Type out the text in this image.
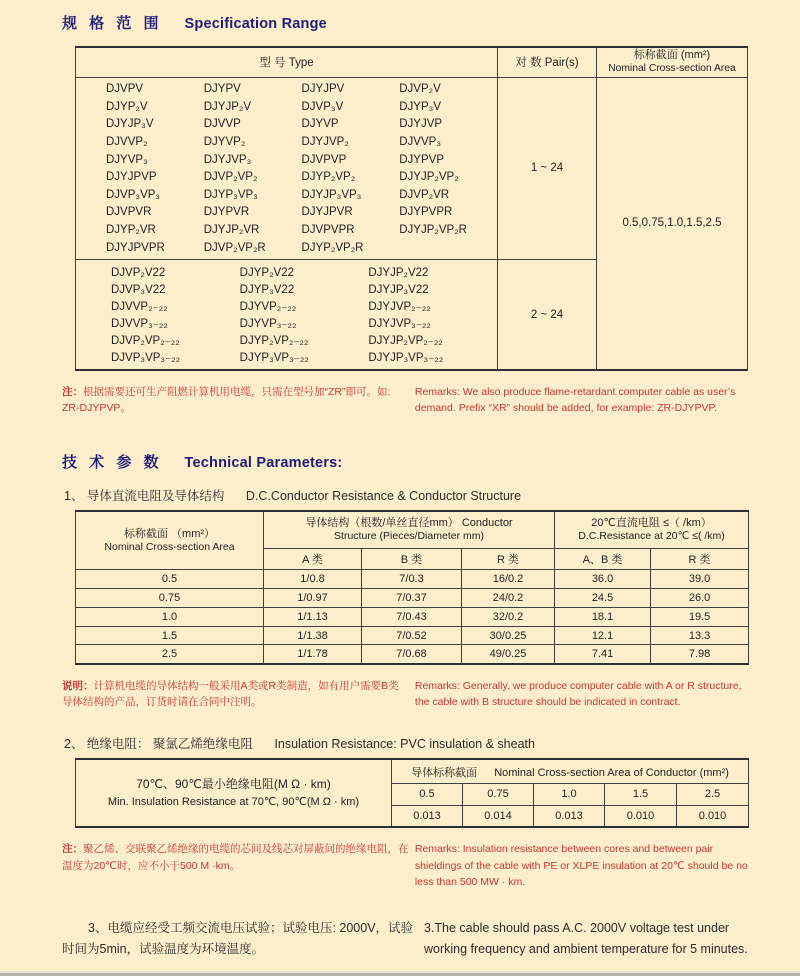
规 格 范 围 Specification Range
型 号 Type	对 数 Pair(s)	标称截面 (mm²)
Nominal Cross-section Area

DJVPV	DJYPV	DJYJPV	DJVP₂V
DJYP₂V	DJYJP₂V	DJVP₃V	DJYP₃V
DJYJP₃V	DJVVP	DJYVP	DJYJVP
DJVVP₂	DJYVP₂	DJYJVP₂	DJVVP₃
DJYVP₃	DJYJVP₃	DJVPVP	DJYPVP
DJYJPVP	DJVP₂VP₂	DJYP₂VP₂	DJYJP₂VP₂
DJVP₃VP₃	DJYP₃VP₃	DJYJP₃VP₃	DJVP₂VR
DJVPVR	DJYPVR	DJYJPVR	DJYPVPR
DJYP₂VR	DJYJP₂VR	DJVPVPR	DJYJP₂VP₂R
DJYJPVPR	DJVP₂VP₂R	DJYP₂VP₂R
	1 ~ 24	0.5,0.75,1.0,1.5,2.5

DJVP₂V22	DJYP₂V22	DJYJP₂V22
DJVP₃V22	DJYP₃V22	DJYJP₃V22
DJVVP₂₋₂₂	DJYVP₂₋₂₂	DJYJVP₂₋₂₂
DJVVP₃₋₂₂	DJYVP₃₋₂₂	DJYJVP₃₋₂₂
DJVP₂VP₂₋₂₂	DJYP₂VP₂₋₂₂	DJYJP₂VP₂₋₂₂
DJVP₃VP₃₋₂₂	DJYP₃VP₃₋₂₂	DJYJP₃VP₃₋₂₂
	2 ~ 24
注：根据需要还可生产阻燃计算机用电缆，只需在型号加“ZR”即可。如:
ZR-DJYPVP。
Remarks: We also produce flame-retardant computer cable as user’s demand. Prefix “XR” should be added, for example: ZR-DJYPVP.
技 术 参 数 Technical Parameters:
1、 导体直流电阻及导体结构 D.C.Conductor Resistance & Conductor Structure
标称截面 （mm²）
Nominal Cross-section Area

导体结构（根数/单丝直径mm） Conductor
Structure (Pieces/Diameter mm)

20℃直流电阻 ≤（ /km）
D.C.Resistance at 20℃ ≤( /km)

	A 类	B 类	R 类	A、B 类	R 类
0.5	1/0.8	7/0.3	16/0.2	36.0	39.0
0.75	1/0.97	7/0.37	24/0.2	24.5	26.0
1.0	1/1.13	7/0.43	32/0.2	18.1	19.5
1.5	1/1.38	7/0.52	30/0.25	12.1	13.3
2.5	1/1.78	7/0.68	49/0.25	7.41	7.98
说明：计算机电缆的导体结构一般采用A类或R类制造，如有用户需要B类
导体结构的产品，订货时请在合同中注明。
Remarks: Generally, we produce computer cable with A or R structure, the cable with B structure should be indicated in contract.
2、 绝缘电阻： 聚氯乙烯绝缘电阻 Insulation Resistance: PVC insulation & sheath
70℃、90℃最小绝缘电阻(M Ω · km)
Min. Insulation Resistance at 70℃, 90℃(M Ω · km)	导体标称截面 Nominal Cross-section Area of Conductor (mm²)				
	0.5	0.75	1.0	1.5	2.5
	0.013	0.014	0.013	0.010	0.010
注：聚乙烯、交联聚乙烯绝缘的电缆的芯间及线芯对屏蔽间的绝缘电阻，在
温度为20℃时，应不小于500 M ·km。
Remarks: Insulation resistance between cores and between pair shieldings of the cable with PE or XLPE insulation at 20℃ should be no less than 500 MW · km.
3、电缆应经受工频交流电压试验；试验电压: 2000V，试验时间为5min，试验温度为环境温度。
3.The cable should pass A.C. 2000V voltage test under working frequency and ambient temperature for 5 minutes.
